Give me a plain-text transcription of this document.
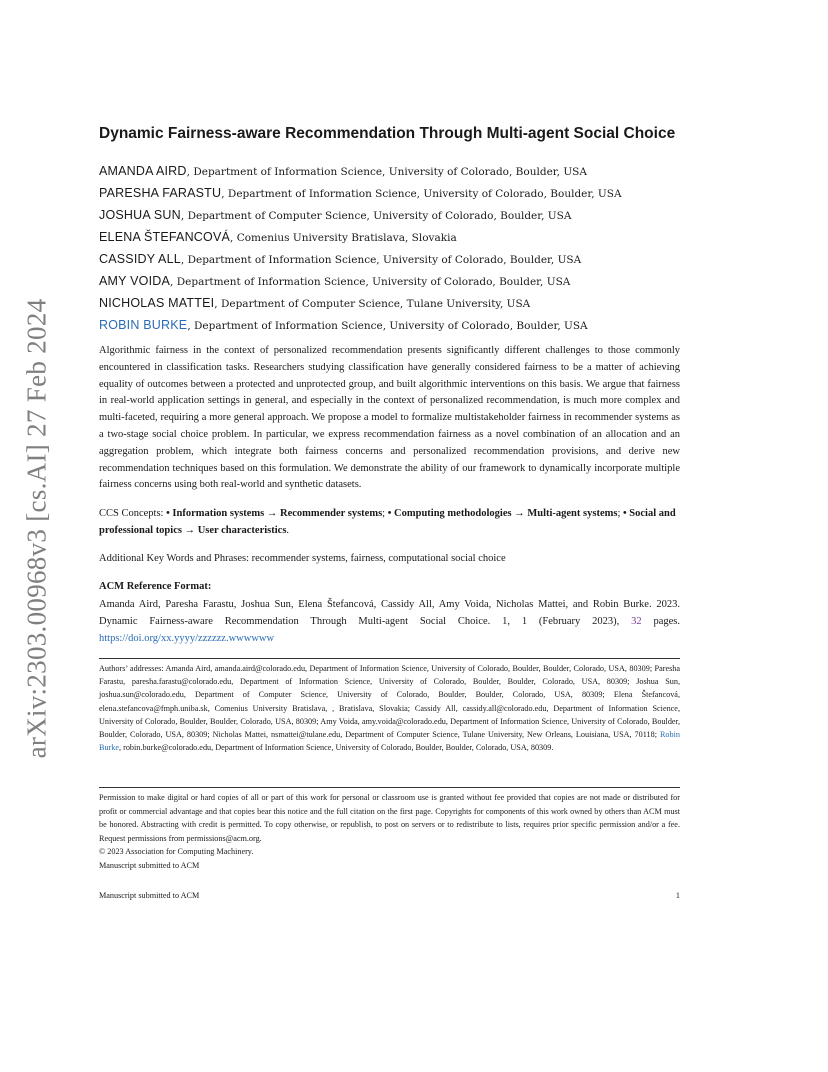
arXiv:2303.00968v3 [cs.AI] 27 Feb 2024
Dynamic Fairness-aware Recommendation Through Multi-agent Social Choice
AMANDA AIRD, Department of Information Science, University of Colorado, Boulder, USA
PARESHA FARASTU, Department of Information Science, University of Colorado, Boulder, USA
JOSHUA SUN, Department of Computer Science, University of Colorado, Boulder, USA
ELENA ŠTEFANCOVÁ, Comenius University Bratislava, Slovakia
CASSIDY ALL, Department of Information Science, University of Colorado, Boulder, USA
AMY VOIDA, Department of Information Science, University of Colorado, Boulder, USA
NICHOLAS MATTEI, Department of Computer Science, Tulane University, USA
ROBIN BURKE, Department of Information Science, University of Colorado, Boulder, USA

Algorithmic fairness in the context of personalized recommendation presents significantly different challenges to those commonly encountered in classification tasks. Researchers studying classification have generally considered fairness to be a matter of achieving equality of outcomes between a protected and unprotected group, and built algorithmic interventions on this basis. We argue that fairness in real-world application settings in general, and especially in the context of personalized recommendation, is much more complex and multi-faceted, requiring a more general approach. We propose a model to formalize multistakeholder fairness in recommender systems as a two-stage social choice problem. In particular, we express recommendation fairness as a novel combination of an allocation and an aggregation problem, which integrate both fairness concerns and personalized recommendation provisions, and derive new recommendation techniques based on this formulation. We demonstrate the ability of our framework to dynamically incorporate multiple fairness concerns using both real-world and synthetic datasets.

CCS Concepts: • Information systems → Recommender systems; • Computing methodologies → Multi-agent systems; • Social and professional topics → User characteristics.

Additional Key Words and Phrases: recommender systems, fairness, computational social choice

ACM Reference Format:

Amanda Aird, Paresha Farastu, Joshua Sun, Elena Štefancová, Cassidy All, Amy Voida, Nicholas Mattei, and Robin Burke. 2023. Dynamic Fairness-aware Recommendation Through Multi-agent Social Choice. 1, 1 (February 2023), 32 pages. https://doi.org/xx.yyyy/zzzzzz.wwwwww

Authors’ addresses: Amanda Aird, amanda.aird@colorado.edu, Department of Information Science, University of Colorado, Boulder, Boulder, Colorado, USA, 80309; Paresha Farastu, paresha.farastu@colorado.edu, Department of Information Science, University of Colorado, Boulder, Boulder, Colorado, USA, 80309; Joshua Sun, joshua.sun@colorado.edu, Department of Computer Science, University of Colorado, Boulder, Boulder, Colorado, USA, 80309; Elena Štefancová, elena.stefancova@fmph.uniba.sk, Comenius University Bratislava, , Bratislava, Slovakia; Cassidy All, cassidy.all@colorado.edu, Department of Information Science, University of Colorado, Boulder, Boulder, Colorado, USA, 80309; Amy Voida, amy.voida@colorado.edu, Department of Information Science, University of Colorado, Boulder, Boulder, Colorado, USA, 80309; Nicholas Mattei, nsmattei@tulane.edu, Department of Computer Science, Tulane University, New Orleans, Louisiana, USA, 70118; Robin Burke, robin.burke@colorado.edu, Department of Information Science, University of Colorado, Boulder, Boulder, Colorado, USA, 80309.

Permission to make digital or hard copies of all or part of this work for personal or classroom use is granted without fee provided that copies are not made or distributed for profit or commercial advantage and that copies bear this notice and the full citation on the first page. Copyrights for components of this work owned by others than ACM must be honored. Abstracting with credit is permitted. To copy otherwise, or republish, to post on servers or to redistribute to lists, requires prior specific permission and/or a fee. Request permissions from permissions@acm.org.

© 2023 Association for Computing Machinery.
Manuscript submitted to ACM
Manuscript submitted to ACM	1
